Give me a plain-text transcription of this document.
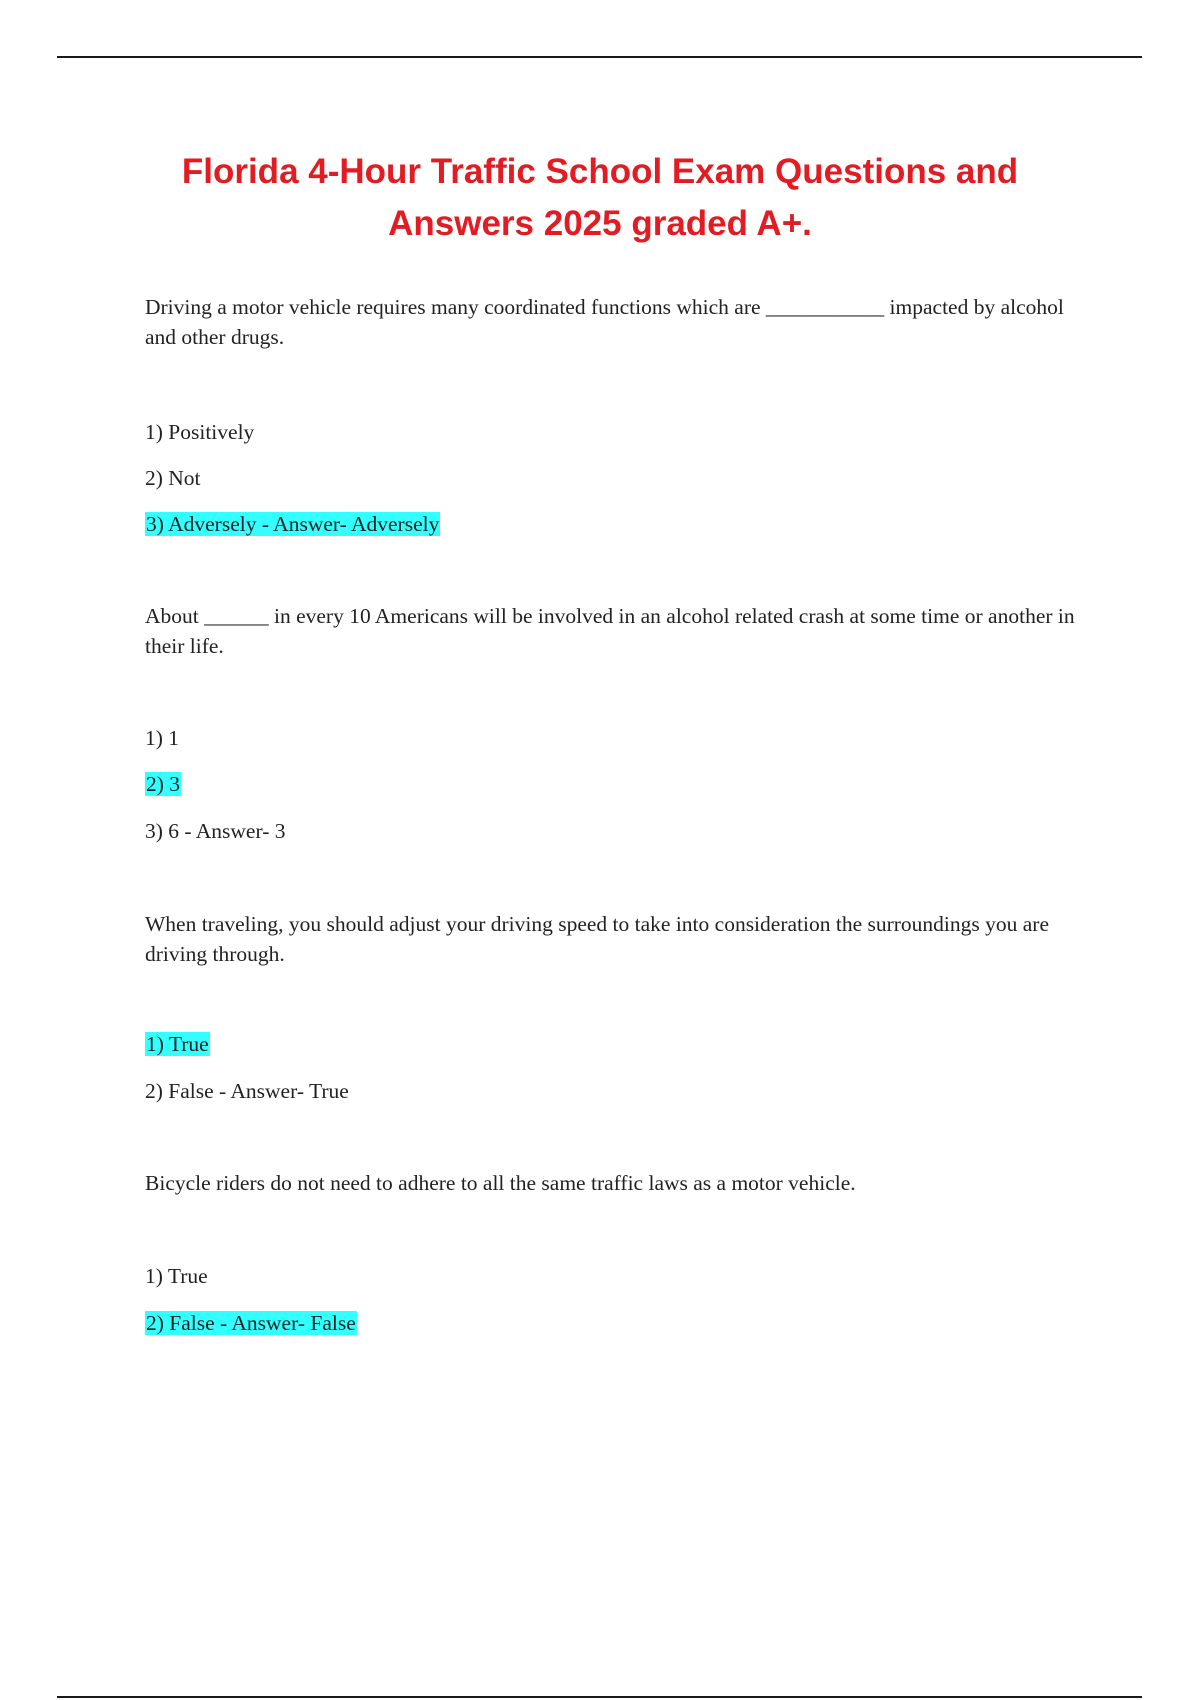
Florida 4-Hour Traffic School Exam Questions and Answers 2025 graded A+.

Driving a motor vehicle requires many coordinated functions which are ___________ impacted by alcohol and other drugs.

1) Positively

2) Not

3) Adversely - Answer- Adversely

About ______ in every 10 Americans will be involved in an alcohol related crash at some time or another in their life.

1) 1

2) 3

3) 6 - Answer- 3

When traveling, you should adjust your driving speed to take into consideration the surroundings you are driving through.

1) True

2) False - Answer- True

Bicycle riders do not need to adhere to all the same traffic laws as a motor vehicle.

1) True

2) False - Answer- False
